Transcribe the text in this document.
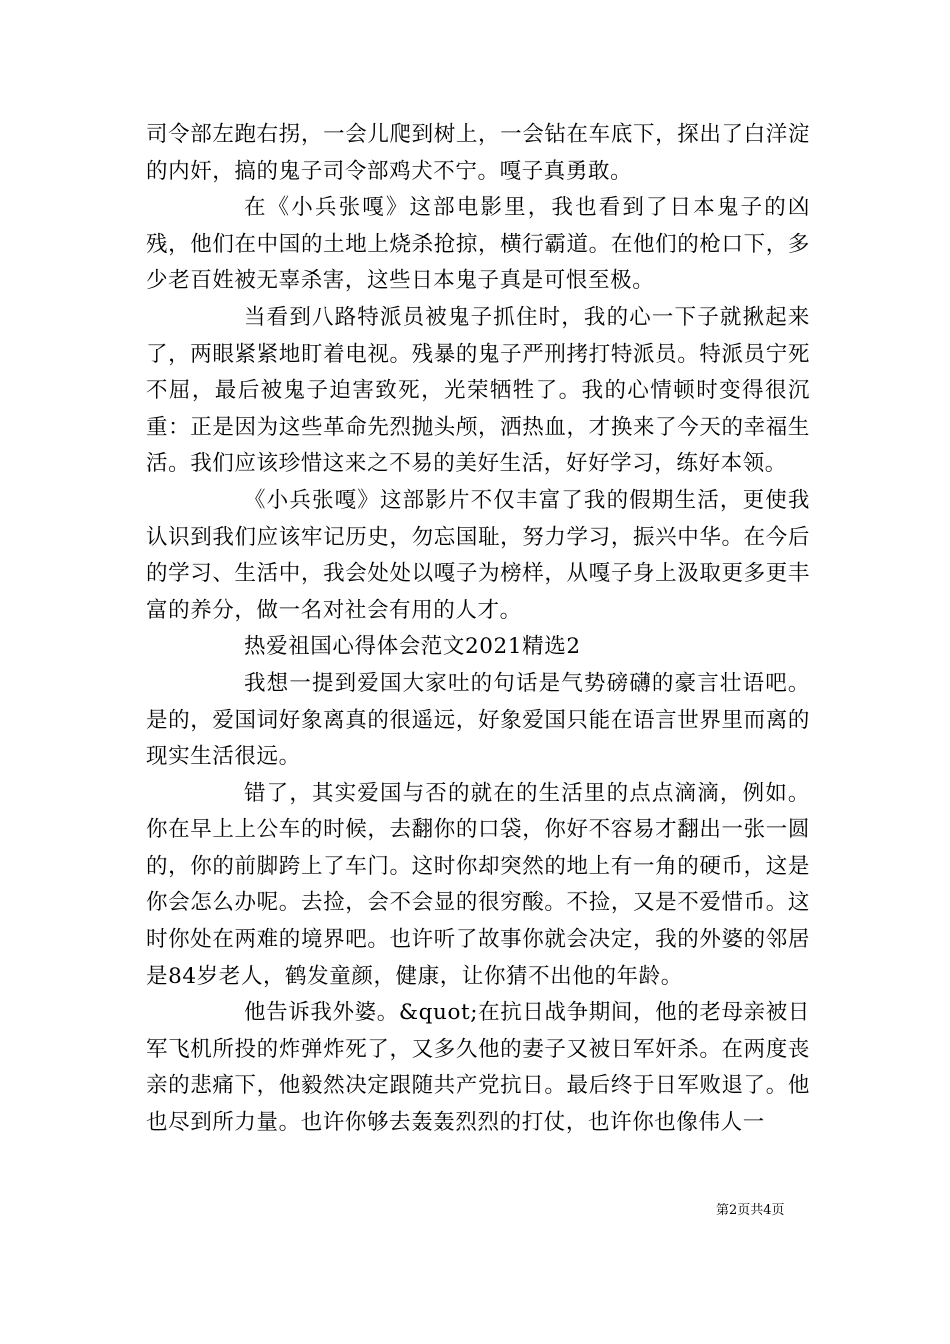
司令部左跑右拐，一会儿爬到树上，一会钻在车底下，探出了白洋淀的内奸，搞的鬼子司令部鸡犬不宁。嘎子真勇敢。

在《小兵张嘎》这部电影里，我也看到了日本鬼子的凶残，他们在中国的土地上烧杀抢掠，横行霸道。在他们的枪口下，多少老百姓被无辜杀害，这些日本鬼子真是可恨至极。

当看到八路特派员被鬼子抓住时，我的心一下子就揪起来了，两眼紧紧地盯着电视。残暴的鬼子严刑拷打特派员。特派员宁死不屈，最后被鬼子迫害致死，光荣牺牲了。我的心情顿时变得很沉重：正是因为这些革命先烈抛头颅，洒热血，才换来了今天的幸福生活。我们应该珍惜这来之不易的美好生活，好好学习，练好本领。

《小兵张嘎》这部影片不仅丰富了我的假期生活，更使我认识到我们应该牢记历史，勿忘国耻，努力学习，振兴中华。在今后的学习、生活中，我会处处以嘎子为榜样，从嘎子身上汲取更多更丰富的养分，做一名对社会有用的人才。

热爱祖国心得体会范文2021精选2

我想一提到爱国大家吐的句话是气势磅礴的豪言壮语吧。是的，爱国词好象离真的很遥远，好象爱国只能在语言世界里而离的现实生活很远。

错了，其实爱国与否的就在的生活里的点点滴滴，例如。你在早上上公车的时候，去翻你的口袋，你好不容易才翻出一张一圆的，你的前脚跨上了车门。这时你却突然的地上有一角的硬币，这是你会怎么办呢。去捡，会不会显的很穷酸。不捡，又是不爱惜币。这时你处在两难的境界吧。也许听了故事你就会决定，我的外婆的邻居是84岁老人，鹤发童颜，健康，让你猜不出他的年龄。

他告诉我外婆。&quot;在抗日战争期间，他的老母亲被日军飞机所投的炸弹炸死了，又多久他的妻子又被日军奸杀。在两度丧亲的悲痛下，他毅然决定跟随共产党抗日。最后终于日军败退了。他也尽到所力量。也许你够去轰轰烈烈的打仗，也许你也像伟人一

第2页共4页
